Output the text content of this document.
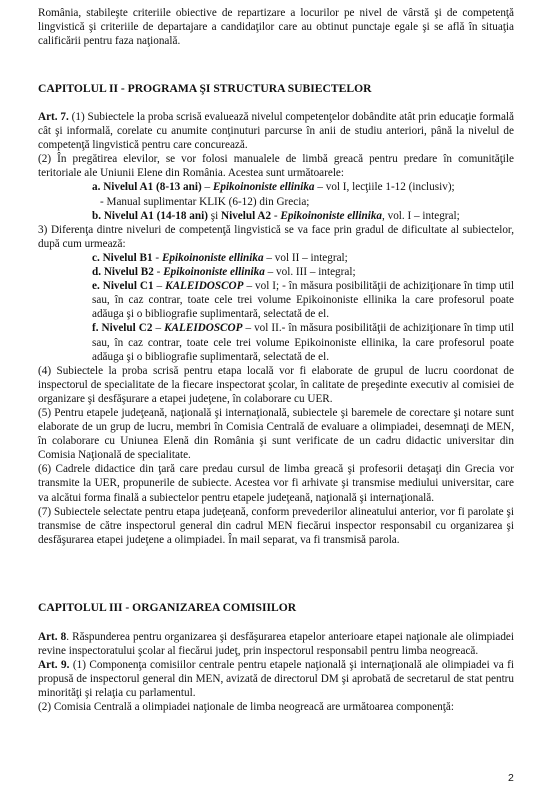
România, stabileşte criteriile obiective de repartizare a locurilor pe nivel de vârstă şi de competenţă lingvistică şi criteriile de departajare a candidaţilor care au obtinut punctaje egale şi se află în situaţia calificării pentru faza naţională.

CAPITOLUL II - PROGRAMA ŞI STRUCTURA SUBIECTELOR

Art. 7. (1) Subiectele la proba scrisă evaluează nivelul competenţelor dobândite atât prin educaţie formală cât şi informală, corelate cu anumite conţinuturi parcurse în anii de studiu anteriori, până la nivelul de competenţă lingvistică pentru care concurează.

(2) În pregătirea elevilor, se vor folosi manualele de limbă greacă pentru predare în comunităţile teritoriale ale Uniunii Elene din România. Acestea sunt următoarele:

a. Nivelul A1 (8-13 ani) – Epikoinoniste ellinika – vol I, lecţiile 1-12 (inclusiv);

- Manual suplimentar KLIK (6-12) din Grecia;

b. Nivelul A1 (14-18 ani) şi Nivelul A2 - Epikoinoniste ellinika, vol. I – integral;

3) Diferenţa dintre niveluri de competenţă lingvistică se va face prin gradul de dificultate al subiectelor, după cum urmează:

c. Nivelul B1 - Epikoinoniste ellinika – vol II – integral;

d. Nivelul B2 - Epikoinoniste ellinika – vol. III – integral;

e. Nivelul C1 – KALEIDOSCOP – vol I; - în măsura posibilităţii de achiziţionare în timp util sau, în caz contrar, toate cele trei volume Epikoinoniste ellinika la care profesorul poate adăuga şi o bibliografie suplimentară, selectată de el.

f. Nivelul C2 – KALEIDOSCOP – vol II.- în măsura posibilităţii de achiziţionare în timp util sau, în caz contrar, toate cele trei volume Epikoinoniste ellinika, la care profesorul poate adăuga şi o bibliografie suplimentară, selectată de el.

(4) Subiectele la proba scrisă pentru etapa locală vor fi elaborate de grupul de lucru coordonat de inspectorul de specialitate de la fiecare inspectorat şcolar, în calitate de preşedinte executiv al comisiei de organizare şi desfăşurare a etapei judeţene, în colaborare cu UER.

(5) Pentru etapele judeţeană, naţională şi internaţională, subiectele şi baremele de corectare şi notare sunt elaborate de un grup de lucru, membri în Comisia Centrală de evaluare a olimpiadei, desemnaţi de MEN, în colaborare cu Uniunea Elenă din România şi sunt verificate de un cadru didactic universitar din Comisia Naţională de specialitate.

(6) Cadrele didactice din ţară care predau cursul de limba greacă şi profesorii detaşaţi din Grecia vor transmite la UER, propunerile de subiecte. Acestea vor fi arhivate şi transmise mediului universitar, care va alcătui forma finală a subiectelor pentru etapele judeţeană, naţională şi internaţională.

(7) Subiectele selectate pentru etapa judeţeană, conform prevederilor alineatului anterior, vor fi parolate şi transmise de către inspectorul general din cadrul MEN fiecărui inspector responsabil cu organizarea şi desfăşurarea etapei judeţene a olimpiadei. În mail separat, va fi transmisă parola.

CAPITOLUL III - ORGANIZAREA COMISIILOR

Art. 8. Răspunderea pentru organizarea şi desfăşurarea etapelor anterioare etapei naţionale ale olimpiadei revine inspectoratului şcolar al fiecărui judeţ, prin inspectorul responsabil pentru limba neogreacă.

Art. 9. (1) Componenţa comisiilor centrale pentru etapele naţională şi internaţională ale olimpiadei va fi propusă de inspectorul general din MEN, avizată de directorul DM şi aprobată de secretarul de stat pentru minorităţi şi relaţia cu parlamentul.

(2) Comisia Centrală a olimpiadei naţionale de limba neogreacă are următoarea componenţă:

2
